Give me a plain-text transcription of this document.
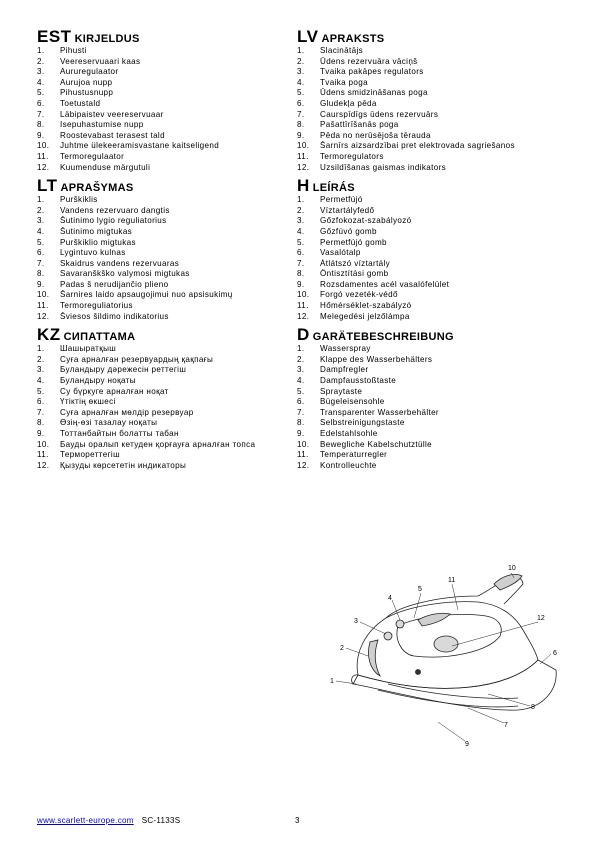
EST KIRJELDUS
1.	Pihusti
2.	Veereservuaari kaas
3.	Aururegulaator
4.	Aurujoa nupp
5.	Pihustusnupp
6.	Toetustald
7.	Läbipaistev veereservuaar
8.	Isepuhastumise nupp
9.	Roostevabast terasest tald
10.	Juhtme ülekeeramisvastane kaitseligend
11.	Termoregulaator
12.	Kuumenduse märgutuli
LT APRAŠYMAS
1.	Purškiklis
2.	Vandens rezervuaro dangtis
3.	Šutinimo lygio reguliatorius
4.	Šutinimo migtukas
5.	Purškiklio migtukas
6.	Lygintuvo kulnas
7.	Skaidrus vandens rezervuaras
8.	Savaranškško valymosi migtukas
9.	Padas š nerudijančio plieno
10.	Šarnires laido apsaugojimui nuo apsisukimų
11.	Termoreguliatorius
12.	Šviesos šildimo indikatorius
KZ СИПАТТАМА
1.	Шашыратқыш
2.	Суға арналған резервуардың қақпағы
3.	Буландыру дәрежесін реттегіш
4.	Буландыру ноқаты
5.	Су бүркуге арналған ноқат
6.	Үтіктің өкшесі
7.	Суға арналған мөлдір резервуар
8.	Өзің-өзі тазалау ноқаты
9.	Тоттанбайтын болатты табан
10.	Бауды оралып кетуден қорғауға арналған топса
11.	Термореттегіш
12.	Қызуды көрсететін индикаторы
LV APRAKSTS
1.	Slacinātājs
2.	Ūdens rezervuāra vāciņš
3.	Tvaika pakāpes regulators
4.	Tvaika poga
5.	Ūdens smidzināšanas poga
6.	Gludekļa pēda
7.	Caurspīdīgs ūdens rezervuārs
8.	Pašattīrīšanās poga
9.	Pēda no nerūsējoša tērauda
10.	Šarnīrs aizsardzībai pret elektrovada sagriešanos
11.	Termoregulators
12.	Uzsildīšanas gaismas indikators
H LEÍRÁS
1.	Permetfújó
2.	Víztartályfedő
3.	Gőzfokozat-szabályozó
4.	Gőzfúvó gomb
5.	Permetfújó gomb
6.	Vasalótalp
7.	Átlátszó víztartály
8.	Öntisztítási gomb
9.	Rozsdamentes acél vasalófelület
10.	Forgó vezeték-védő
11.	Hőmérséklet-szabályzó
12.	Melegedési jelzőlámpa
D GARÄTEBESCHREIBUNG
1.	Wasserspray
2.	Klappe des Wasserbehälters
3.	Dampfregler
4.	Dampfausstoßtaste
5.	Spraytaste
6.	Bügeleisensohle
7.	Transparenter Wasserbehälter
8.	Selbstreinigungstaste
9.	Edelstahlsohle
10.	Bewegliche Kabelschutztülle
11.	Temperaturregler
12.	Kontrolleuchte
1
2
3
4
5
6
7
8
9
10
11
12
www.scarlett-europe.com SC-1133S	3
